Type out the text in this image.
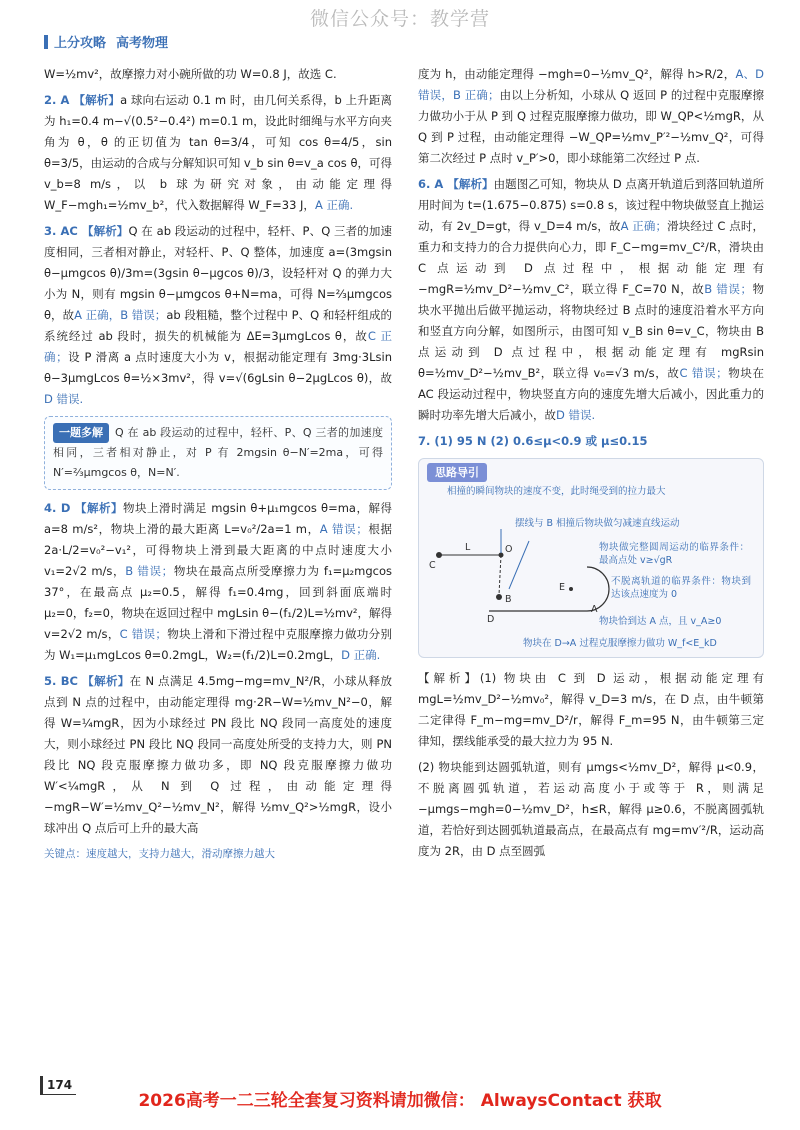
微信公众号：教学营
上分攻略 高考物理

W=½mv²，故摩擦力对小碗所做的功 W=0.8 J，故选 C.

2. A 【解析】a 球向右运动 0.1 m 时，由几何关系得，b 上升距离为 h₁=0.4 m−√(0.5²−0.4²) m=0.1 m，设此时细绳与水平方向夹角为 θ，θ 的正切值为 tan θ=3/4，可知 cos θ=4/5，sin θ=3/5，由运动的合成与分解知识可知 v_b sin θ=v_a cos θ，可得 v_b=8 m/s，以 b 球为研究对象，由动能定理得 W_F−mgh₁=½mv_b²，代入数据解得 W_F=33 J，A 正确.

3. AC 【解析】Q 在 ab 段运动的过程中，轻杆、P、Q 三者的加速度相同，三者相对静止，对轻杆、P、Q 整体，加速度 a=(3mgsin θ−μmgcos θ)/3m=(3gsin θ−μgcos θ)/3，设轻杆对 Q 的弹力大小为 N，则有 mgsin θ−μmgcos θ+N=ma，可得 N=⅔μmgcos θ，故A 正确，B 错误；ab 段粗糙，整个过程中 P、Q 和轻杆组成的系统经过 ab 段时，损失的机械能为 ΔE=3μmgLcos θ，故C 正确；设 P 滑离 a 点时速度大小为 v，根据动能定理有 3mg·3Lsin θ−3μmgLcos θ=½×3mv²，得 v=√(6gLsin θ−2μgLcos θ)，故D 错误.

一题多解 Q 在 ab 段运动的过程中，轻杆、P、Q 三者的加速度相同，三者相对静止，对 P 有 2mgsin θ−N′=2ma，可得 N′=⅔μmgcos θ，N=N′.

4. D 【解析】物块上滑时满足 mgsin θ+μ₁mgcos θ=ma，解得 a=8 m/s²，物块上滑的最大距离 L=v₀²/2a=1 m，A 错误；根据 2a·L/2=v₀²−v₁²，可得物块上滑到最大距离的中点时速度大小 v₁=2√2 m/s，B 错误；物块在最高点所受摩擦力为 f₁=μ₂mgcos 37°，在最高点 μ₂=0.5，解得 f₁=0.4mg，回到斜面底端时 μ₂=0，f₂=0，物块在返回过程中 mgLsin θ−(f₁/2)L=½mv²，解得 v=2√2 m/s，C 错误；物块上滑和下滑过程中克服摩擦力做功分别为 W₁=μ₁mgLcos θ=0.2mgL，W₂=(f₁/2)L=0.2mgL，D 正确.

5. BC 【解析】在 N 点满足 4.5mg−mg=mv_N²/R，小球从释放点到 N 点的过程中，由动能定理得 mg·2R−W=½mv_N²−0，解得 W=¼mgR，因为小球经过 PN 段比 NQ 段同一高度处的速度大，则小球经过 PN 段比 NQ 段同一高度处所受的支持力大，则 PN 段比 NQ 段克服摩擦力做功多，即 NQ 段克服摩擦力做功 W′<¼mgR，从 N 到 Q 过程，由动能定理得 −mgR−W′=½mv_Q²−½mv_N²，解得 ½mv_Q²>½mgR，设小球冲出 Q 点后可上升的最大高

关键点：速度越大，支持力越大，滑动摩擦力越大

度为 h，由动能定理得 −mgh=0−½mv_Q²，解得 h>R/2，A、D 错误，B 正确；由以上分析知，小球从 Q 返回 P 的过程中克服摩擦力做功小于从 P 到 Q 过程克服摩擦力做功，即 W_QP<½mgR，从 Q 到 P 过程，由动能定理得 −W_QP=½mv_P′²−½mv_Q²，可得第二次经过 P 点时 v_P′>0，即小球能第二次经过 P 点.

6. A 【解析】由题图乙可知，物块从 D 点离开轨道后到落回轨道所用时间为 t=(1.675−0.875) s=0.8 s，该过程中物块做竖直上抛运动，有 2v_D=gt，得 v_D=4 m/s，故A 正确；滑块经过 C 点时，重力和支持力的合力提供向心力，即 F_C−mg=mv_C²/R，滑块由 C 点运动到 D 点过程中，根据动能定理有 −mgR=½mv_D²−½mv_C²，联立得 F_C=70 N，故B 错误；物块水平抛出后做平抛运动，将物块经过 B 点时的速度沿着水平方向和竖直方向分解，如图所示，由图可知 v_B sin θ=v_C，物块由 B 点运动到 D 点过程中，根据动能定理有 mgRsin θ=½mv_D²−½mv_B²，联立得 v₀=√3 m/s，故C 错误；物块在 AC 段运动过程中，物块竖直方向的速度先增大后减小，因此重力的瞬时功率先增大后减小，故D 错误.

7. (1) 95 N (2) 0.6≤μ<0.9 或 μ≤0.15

思路导引
相撞的瞬间物块的速度不变，此时绳受到的拉力最大
摆线与 B 相撞后物块做匀减速直线运动
物块做完整圆周运动的临界条件：最高点处 v≥√gR
不脱离轨道的临界条件：物块到达该点速度为 0
物块恰到达 A 点，且 v_A≥0
物块在 D→A 过程克服摩擦力做功 W_f<E_kD
C
L	O
B
D
E
A

【解析】(1) 物块由 C 到 D 运动，根据动能定理有 mgL=½mv_D²−½mv₀²，解得 v_D=3 m/s，在 D 点，由牛顿第二定律得 F_m−mg=mv_D²/r，解得 F_m=95 N，由牛顿第三定律知，摆线能承受的最大拉力为 95 N.

(2) 物块能到达圆弧轨道，则有 μmgs<½mv_D²，解得 μ<0.9，不脱离圆弧轨道，若运动高度小于或等于 R，则满足 −μmgs−mgh=0−½mv_D²，h≤R，解得 μ≥0.6，不脱离圆弧轨道，若恰好到达圆弧轨道最高点，在最高点有 mg=mv′²/R，运动高度为 2R，由 D 点至圆弧

174
2026高考一二三轮全套复习资料请加微信： AlwaysContact 获取
